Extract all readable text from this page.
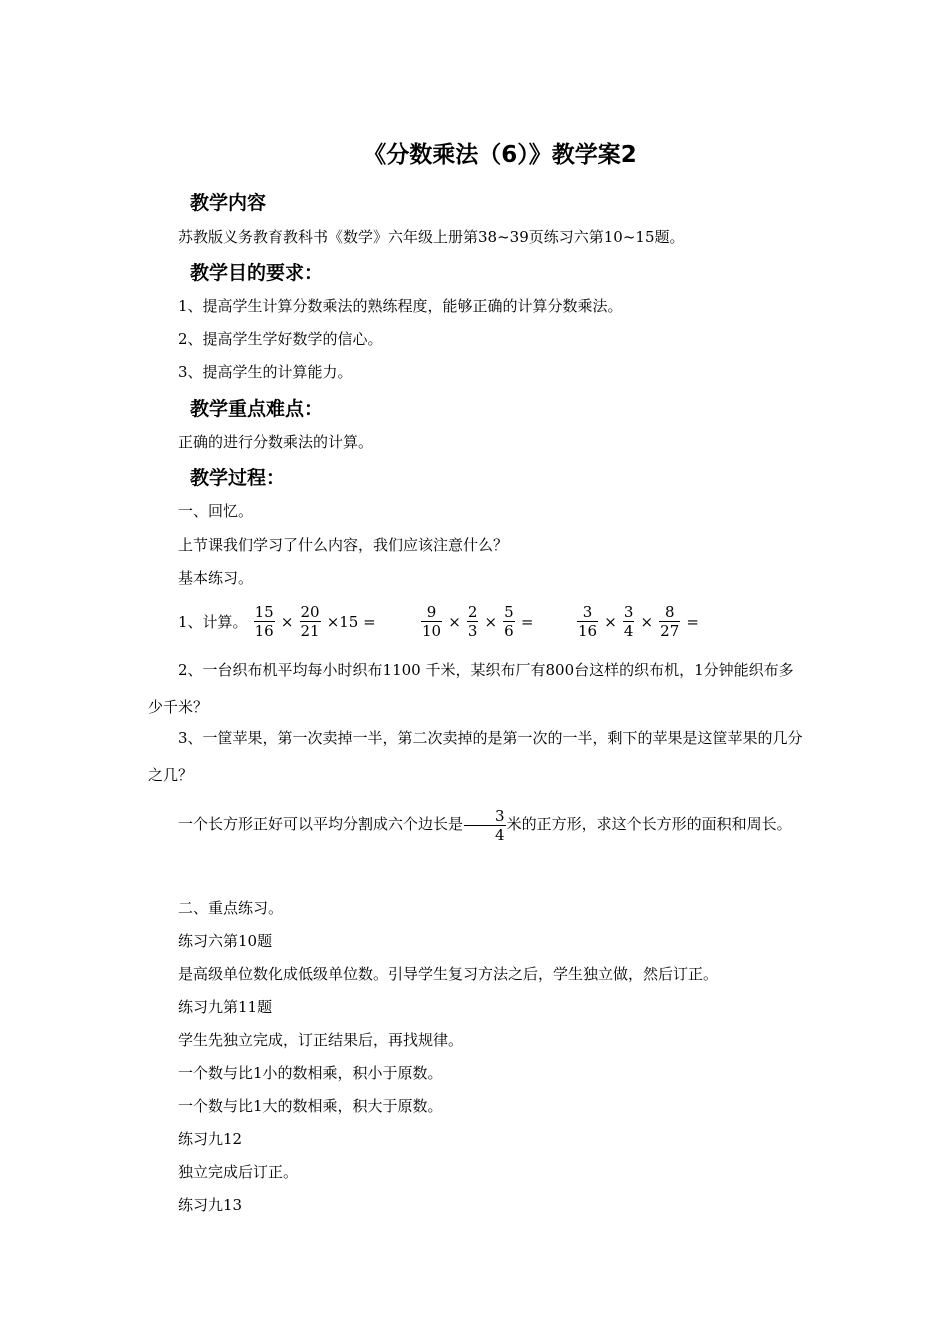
《分数乘法（6）》教学案2
教学内容
苏教版义务教育教科书《数学》六年级上册第38~39页练习六第10~15题。
教学目的要求：
1、提高学生计算分数乘法的熟练程度，能够正确的计算分数乘法。
2、提高学生学好数学的信心。
3、提高学生的计算能力。
教学重点难点：
正确的进行分数乘法的计算。
教学过程：
一、回忆。
上节课我们学习了什么内容，我们应该注意什么？
基本练习。
1、计算。 $\frac{15}{16} \times \frac{20}{21} \times 15$ =	$\frac{9}{10} \times \frac{2}{3} \times \frac{5}{6}$ =	$\frac{3}{16} \times \frac{3}{4} \times \frac{8}{27}$ =
2、一台织布机平均每小时织布1100 千米，某织布厂有800台这样的织布机，1分钟能织布多少千米？
3、一筐苹果，第一次卖掉一半，第二次卖掉的是第一次的一半，剩下的苹果是这筐苹果的几分之几？
一个长方形正好可以平均分割成六个边长是 $\frac{3}{4}$ 米的正方形，求这个长方形的面积和周长。
二、重点练习。
练习六第10题
是高级单位数化成低级单位数。引导学生复习方法之后，学生独立做，然后订正。
练习九第11题
学生先独立完成，订正结果后，再找规律。
一个数与比1小的数相乘，积小于原数。
一个数与比1大的数相乘，积大于原数。
练习九12
独立完成后订正。
练习九13
